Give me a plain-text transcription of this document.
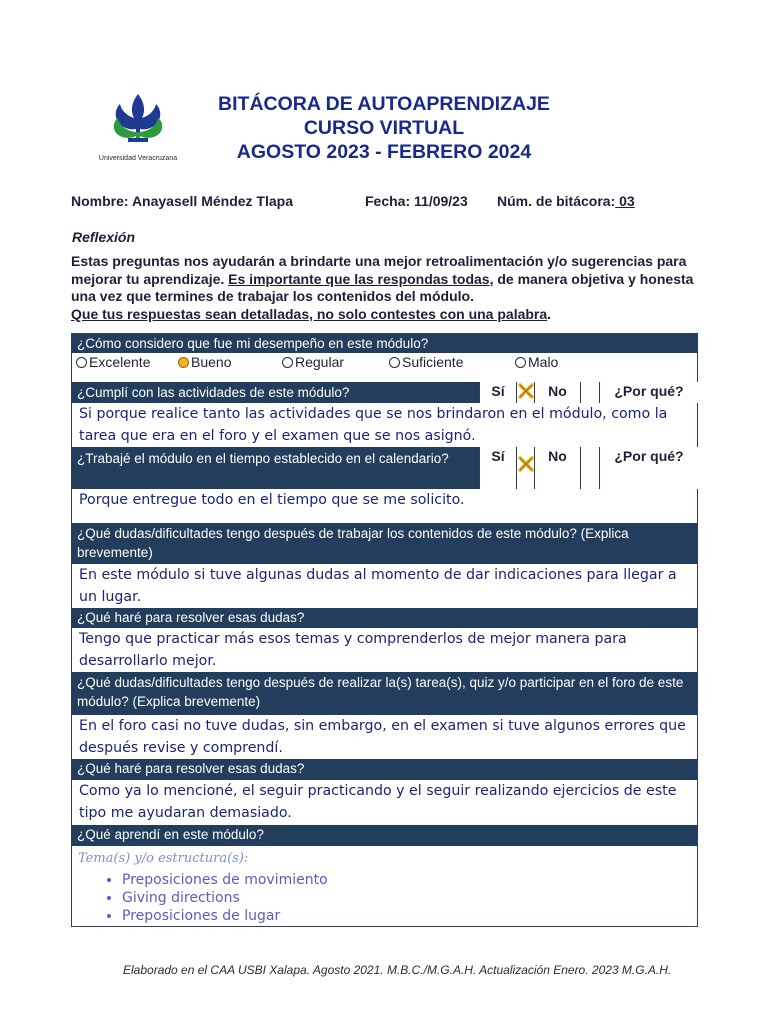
Universidad Veracruzana
BITÁCORA DE AUTOAPRENDIZAJE
CURSO VIRTUAL
AGOSTO 2023 - FEBRERO 2024
Nombre: Anayasell Méndez Tlapa	Fecha: 11/09/23 Núm. de bitácora: 03
Reflexión
Estas preguntas nos ayudarán a brindarte una mejor retroalimentación y/o sugerencias para mejorar tu aprendizaje. Es importante que las respondas todas, de manera objetiva y honesta una vez que termines de trabajar los contenidos del módulo.
Que tus respuestas sean detalladas, no solo contestes con una palabra.
¿Cómo considero que fue mi desempeño en este módulo?
Excelente	Bueno	Regular	Suficiente	Malo
¿Cumplí con las actividades de este módulo?	Sí	No	¿Por qué?
Si porque realice tanto las actividades que se nos brindaron en el módulo, como la tarea que era en el foro y el examen que se nos asignó.
¿Trabajé el módulo en el tiempo establecido en el calendario?	Sí	No	¿Por qué?
Porque entregue todo en el tiempo que se me solicito.
¿Qué dudas/dificultades tengo después de trabajar los contenidos de este módulo? (Explica brevemente)
En este módulo si tuve algunas dudas al momento de dar indicaciones para llegar a un lugar.
¿Qué haré para resolver esas dudas?
Tengo que practicar más esos temas y comprenderlos de mejor manera para desarrollarlo mejor.
¿Qué dudas/dificultades tengo después de realizar la(s) tarea(s), quiz y/o participar en el foro de este módulo? (Explica brevemente)
En el foro casi no tuve dudas, sin embargo, en el examen si tuve algunos errores que después revise y comprendí.
¿Qué haré para resolver esas dudas?
Como ya lo mencioné, el seguir practicando y el seguir realizando ejercicios de este tipo me ayudaran demasiado.
¿Qué aprendí en este módulo?
Tema(s) y/o estructura(s):
• Preposiciones de movimiento
• Giving directions
• Preposiciones de lugar
Elaborado en el CAA USBI Xalapa. Agosto 2021. M.B.C./M.G.A.H. Actualización Enero. 2023 M.G.A.H.
